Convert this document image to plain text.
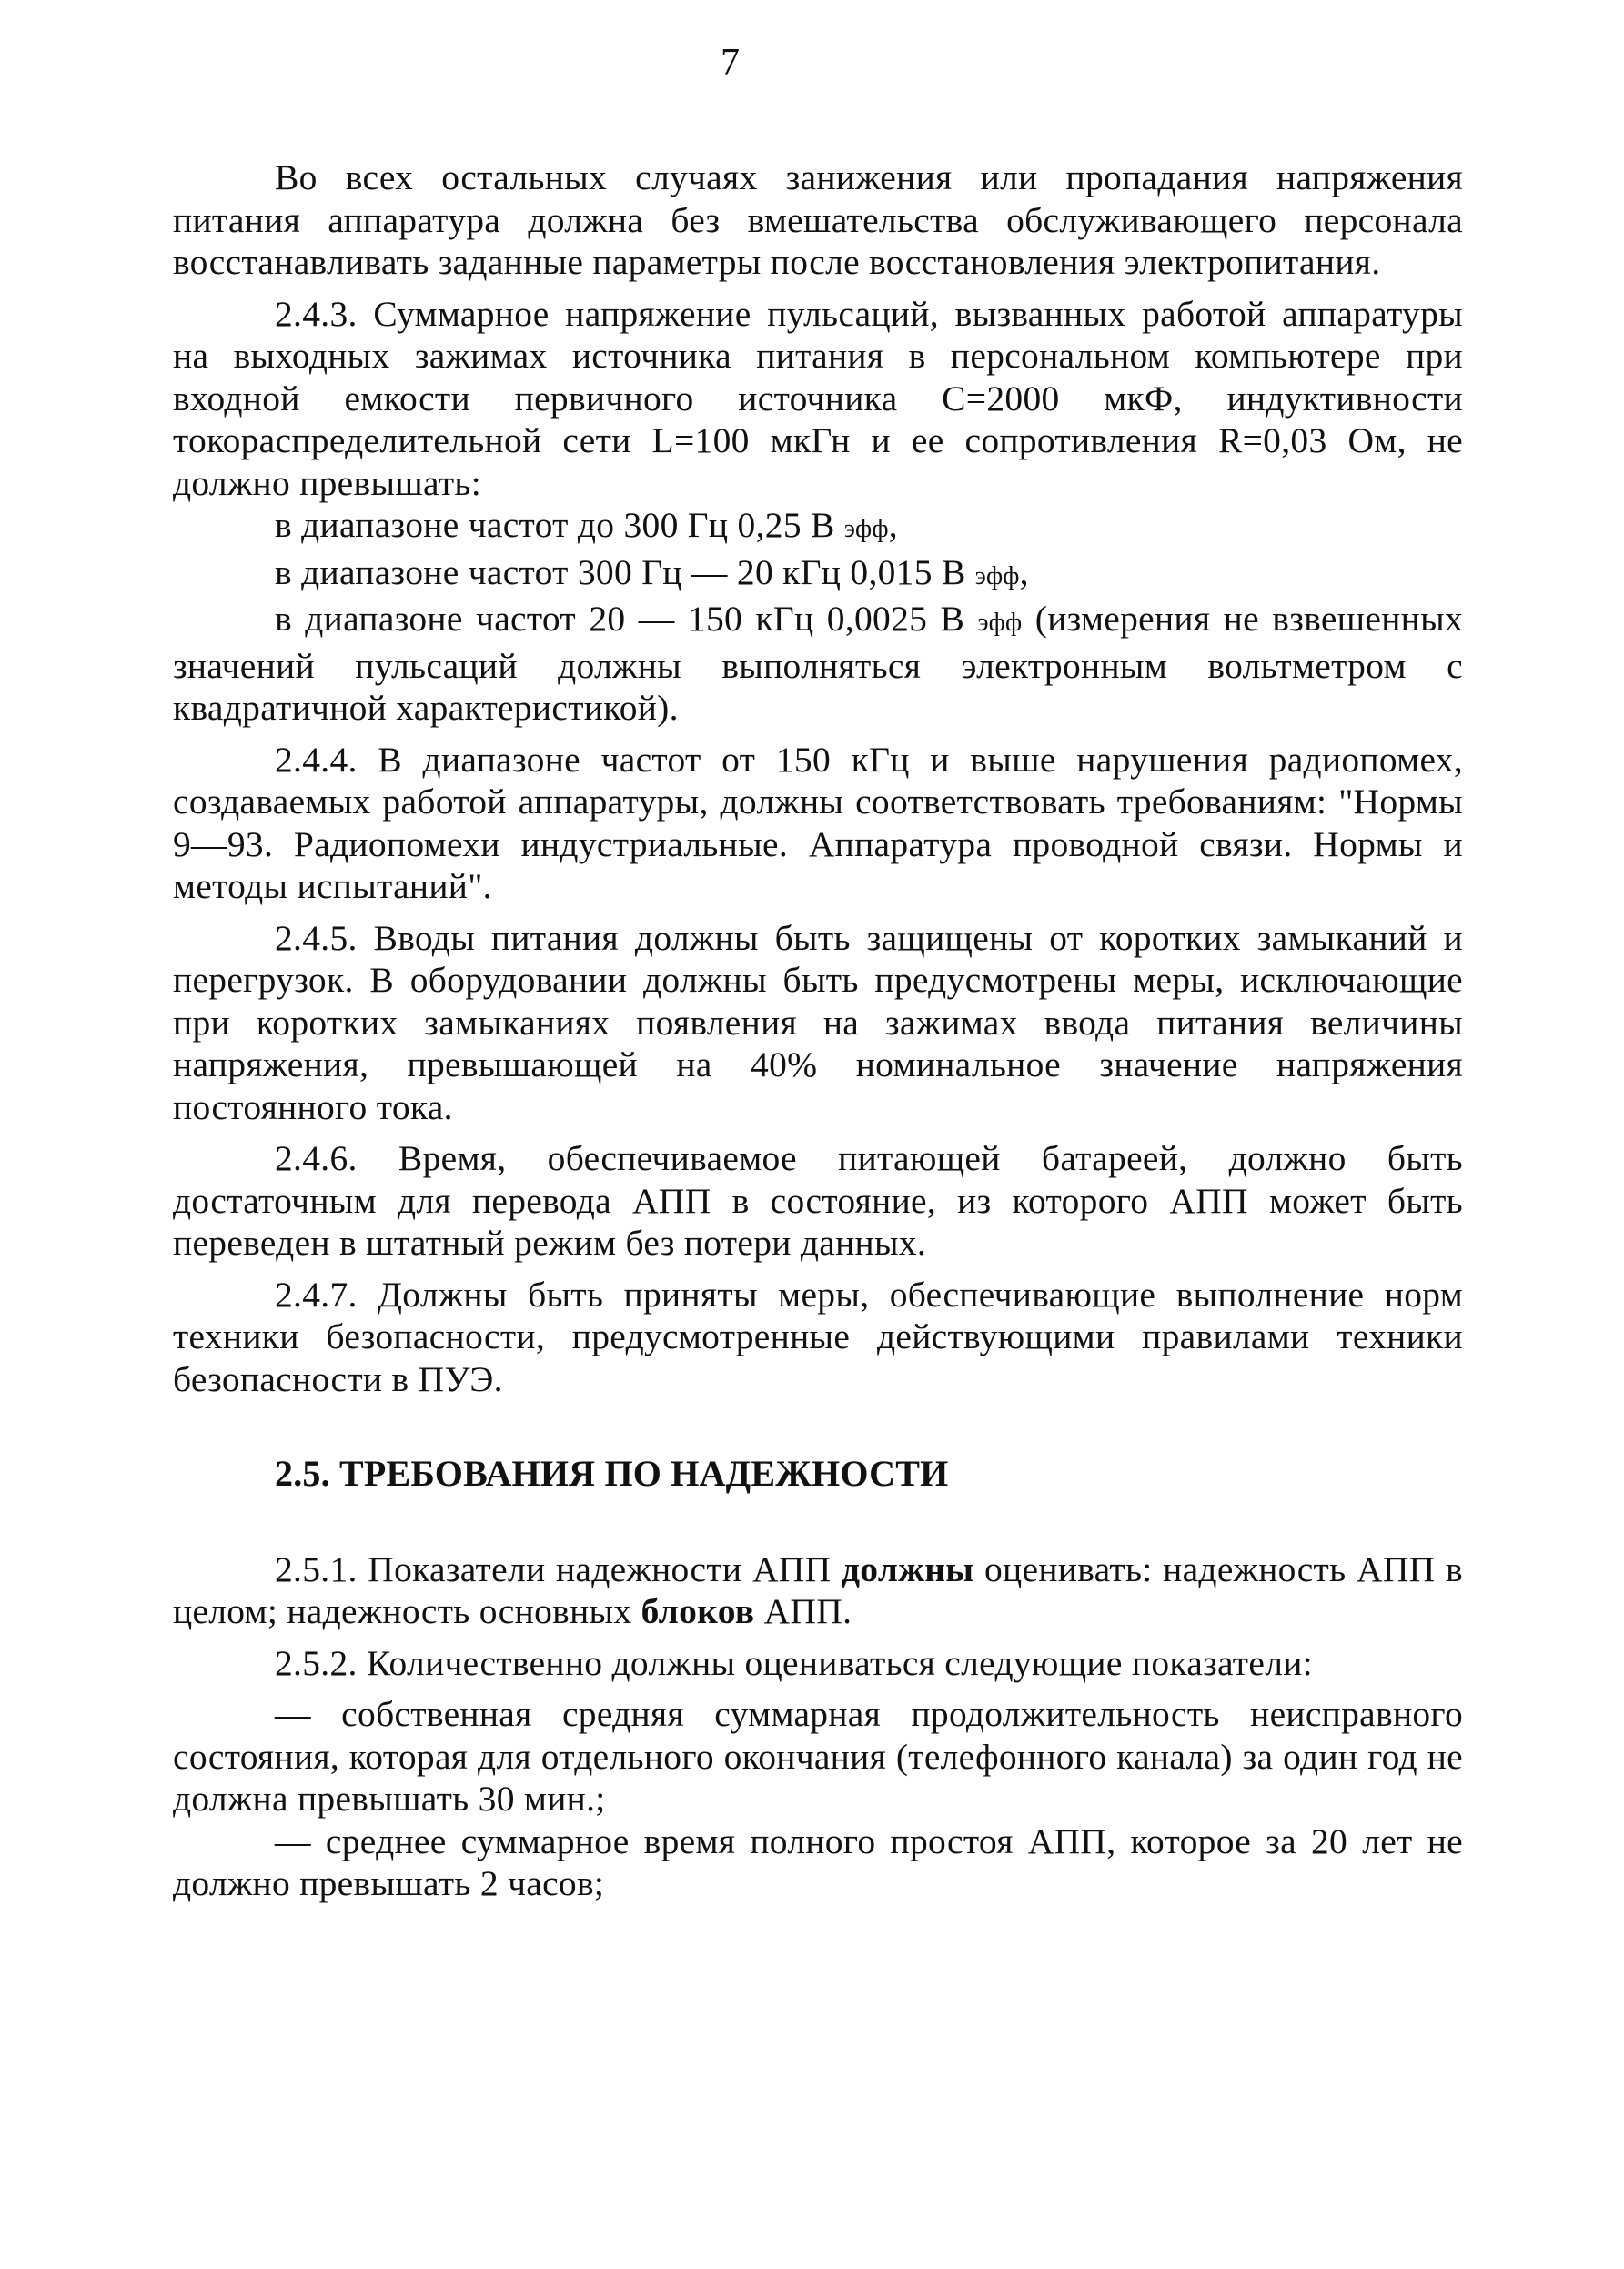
7

Во всех остальных случаях занижения или пропадания напряжения питания аппаратура должна без вмешательства обслуживающего персонала восстанавливать заданные параметры после восстановления электропитания.

2.4.3. Суммарное напряжение пульсаций, вызванных работой аппаратуры на выходных зажимах источника питания в персональном компьютере при входной емкости первичного источника С=2000 мкФ, индуктивности токораспределительной сети L=100 мкГн и ее сопротивления R=0,03 Ом, не должно превышать:

в диапазоне частот до 300 Гц 0,25 В эфф,

в диапазоне частот 300 Гц — 20 кГц 0,015 В эфф,

в диапазоне частот 20 — 150 кГц 0,0025 В эфф (измерения не взвешенных значений пульсаций должны выполняться электронным вольтметром с квадратичной характеристикой).

2.4.4. В диапазоне частот от 150 кГц и выше нарушения радиопомех, создаваемых работой аппаратуры, должны соответствовать требованиям: "Нормы 9—93. Радиопомехи индустриальные. Аппаратура проводной связи. Нормы и методы испытаний".

2.4.5. Вводы питания должны быть защищены от коротких замыканий и перегрузок. В оборудовании должны быть предусмотрены меры, исключающие при коротких замыканиях появления на зажимах ввода питания величины напряжения, превышающей на 40% номинальное значение напряжения постоянного тока.

2.4.6. Время, обеспечиваемое питающей батареей, должно быть достаточным для перевода АПП в состояние, из которого АПП может быть переведен в штатный режим без потери данных.

2.4.7. Должны быть приняты меры, обеспечивающие выполнение норм техники безопасности, предусмотренные действующими правилами техники безопасности в ПУЭ.

2.5. ТРЕБОВАНИЯ ПО НАДЕЖНОСТИ

2.5.1. Показатели надежности АПП должны оценивать: надежность АПП в целом; надежность основных блоков АПП.

2.5.2. Количественно должны оцениваться следующие показатели:

— собственная средняя суммарная продолжительность неисправного состояния, которая для отдельного окончания (телефонного канала) за один год не должна превышать 30 мин.;

— среднее суммарное время полного простоя АПП, которое за 20 лет не должно превышать 2 часов;
